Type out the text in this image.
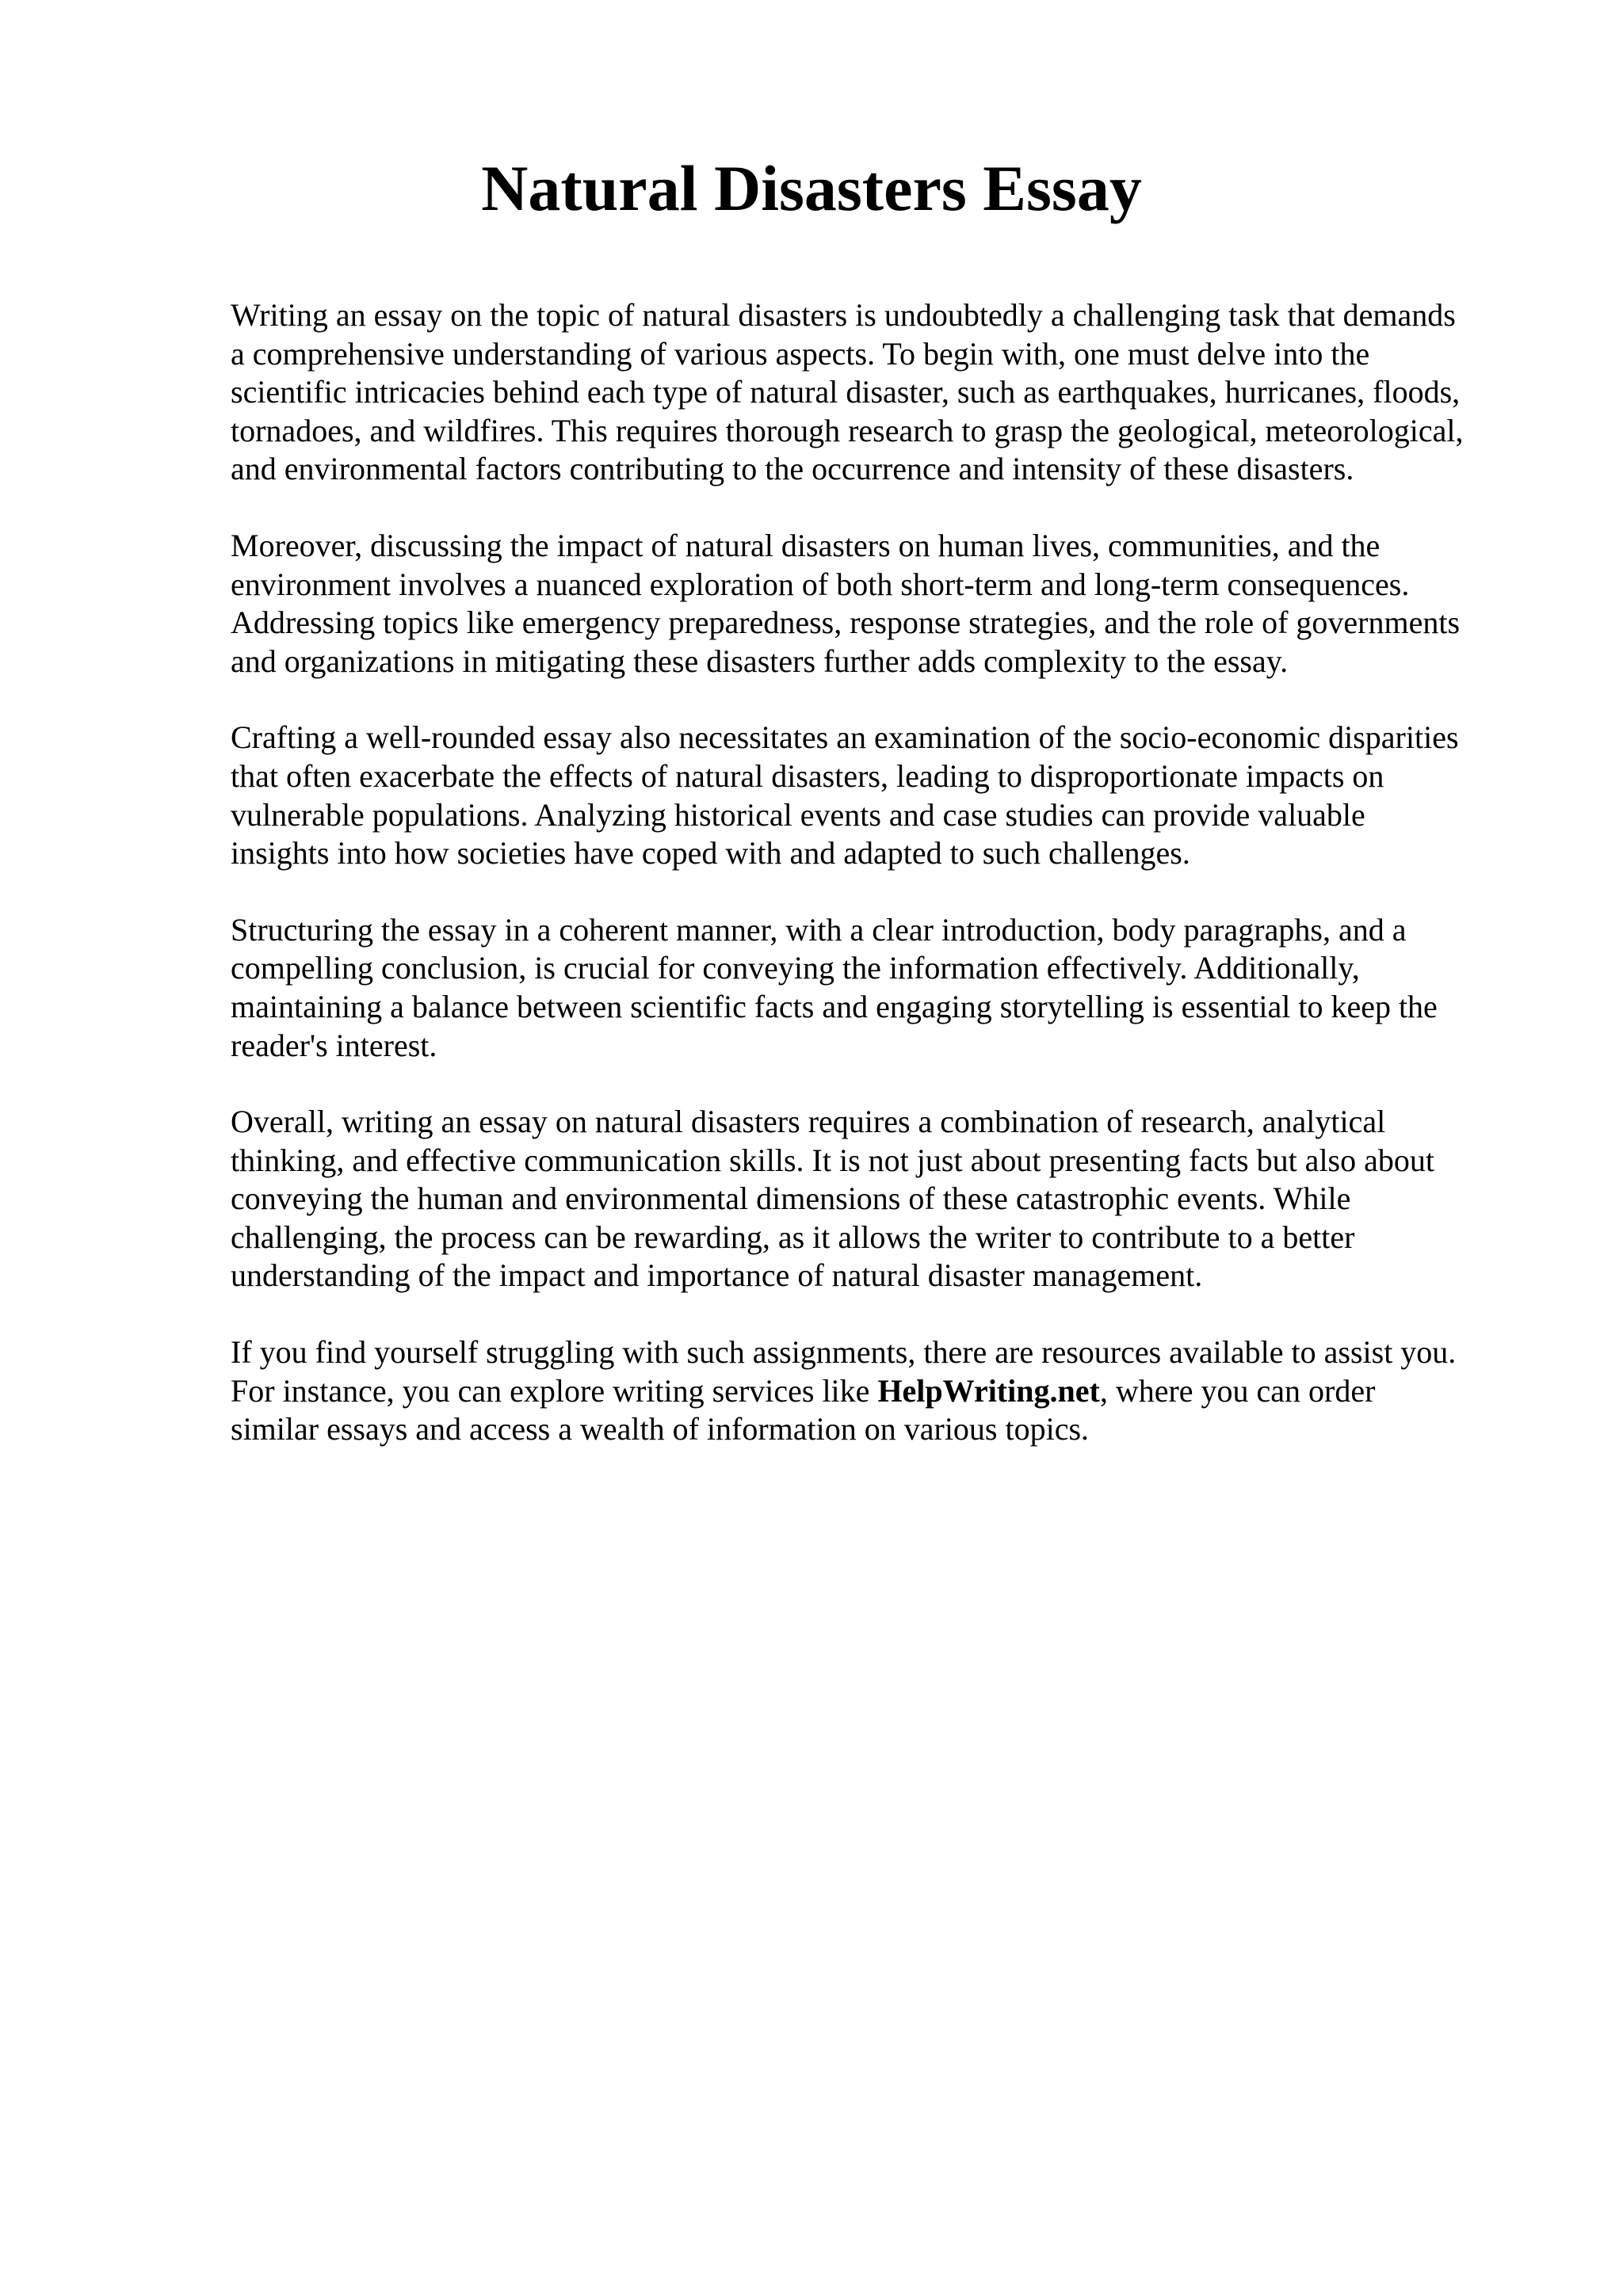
Natural Disasters Essay

Writing an essay on the topic of natural disasters is undoubtedly a challenging task that demands
a comprehensive understanding of various aspects. To begin with, one must delve into the
scientific intricacies behind each type of natural disaster, such as earthquakes, hurricanes, floods,
tornadoes, and wildfires. This requires thorough research to grasp the geological, meteorological,
and environmental factors contributing to the occurrence and intensity of these disasters.

Moreover, discussing the impact of natural disasters on human lives, communities, and the
environment involves a nuanced exploration of both short-term and long-term consequences.
Addressing topics like emergency preparedness, response strategies, and the role of governments
and organizations in mitigating these disasters further adds complexity to the essay.

Crafting a well-rounded essay also necessitates an examination of the socio-economic disparities
that often exacerbate the effects of natural disasters, leading to disproportionate impacts on
vulnerable populations. Analyzing historical events and case studies can provide valuable
insights into how societies have coped with and adapted to such challenges.

Structuring the essay in a coherent manner, with a clear introduction, body paragraphs, and a
compelling conclusion, is crucial for conveying the information effectively. Additionally,
maintaining a balance between scientific facts and engaging storytelling is essential to keep the
reader's interest.

Overall, writing an essay on natural disasters requires a combination of research, analytical
thinking, and effective communication skills. It is not just about presenting facts but also about
conveying the human and environmental dimensions of these catastrophic events. While
challenging, the process can be rewarding, as it allows the writer to contribute to a better
understanding of the impact and importance of natural disaster management.

If you find yourself struggling with such assignments, there are resources available to assist you.
For instance, you can explore writing services like HelpWriting.net, where you can order
similar essays and access a wealth of information on various topics.
